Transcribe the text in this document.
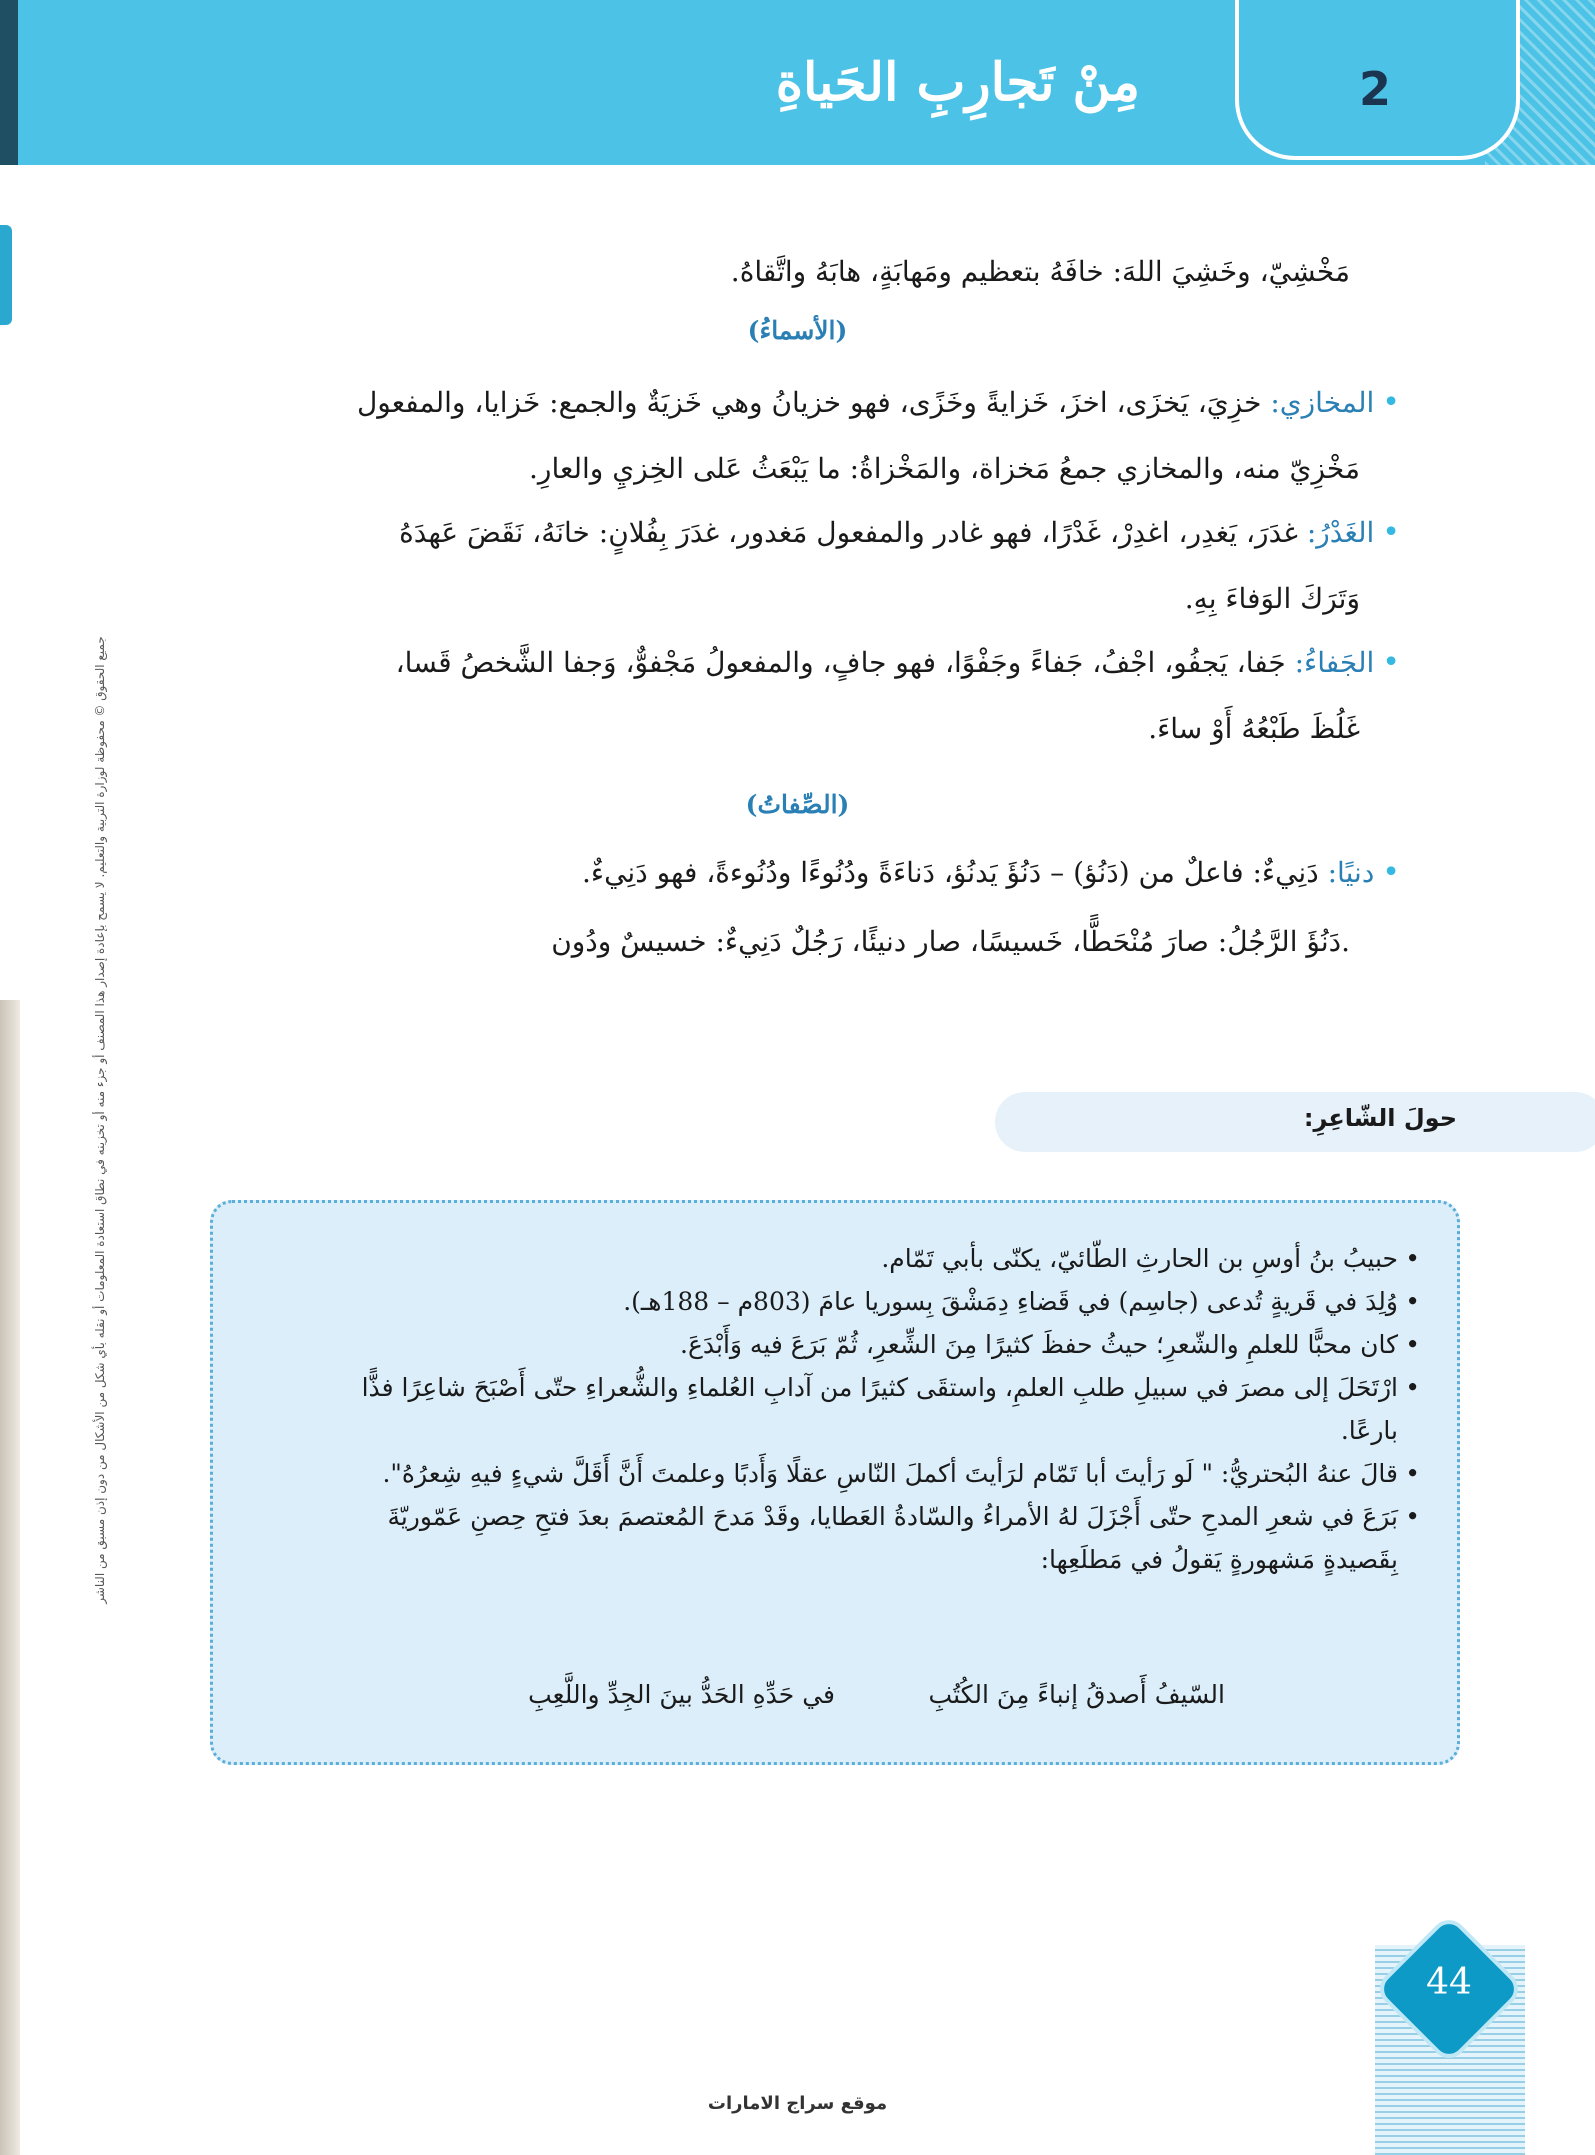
2
مِنْ تَجارِبِ الحَياةِ
جميع الحقوق © محفوظة لوزارة التربية والتعليم. لا يسمح بإعادة إصدار هذا المصنف أو جزء منه أو تخزينه في نطاق استعادة المعلومات أو نقله بأي شكل من الأشكال من دون إذن مسبق من الناشر
مَخْشِيّ، وخَشِيَ اللهَ: خافَهُ بتعظيم ومَهابَةٍ، هابَهُ واتَّقاهُ.
(الأسماءُ)
•المخازي: خزِيَ، يَخزَى، اخزَ، خَزايةً وخَزًى، فهو خزيانُ وهي خَزيَةٌ والجمع: خَزايا، والمفعول
مَخْزِيّ منه، والمخازي جمعُ مَخزاة، والمَخْزاةُ: ما يَبْعَثُ عَلى الخِزيِ والعارِ.
•الغَدْرُ: غدَرَ، يَغدِر، اغدِرْ، غَدْرًا، فهو غادر والمفعول مَغدور، غدَرَ بِفُلانٍ: خانَهُ، نَقَضَ عَهدَهُ
وَتَرَكَ الوَفاءَ بِهِ.
•الجَفاءُ: جَفا، يَجفُو، اجْفُ، جَفاءً وجَفْوًا، فهو جافٍ، والمفعولُ مَجْفوٌّ، وَجفا الشَّخصُ قَسا،
غَلُظَ طَبْعُهُ أَوْ ساءَ.
(الصِّفاتُ)
•دنيًا: دَنِيءٌ: فاعلٌ من (دَنُؤ) – دَنُؤَ يَدنُؤ، دَناءَةً ودُنُوءًا ودُنُوءةً، فهو دَنِيءٌ.
.دَنُؤَ الرَّجُلُ: صارَ مُنْحَطًّا، خَسيسًا، صار دنيئًا، رَجُلٌ دَنِيءٌ: خسيسٌ ودُون
حولَ الشّاعِرِ:
• حبيبُ بنُ أوسِ بن الحارثِ الطّائيّ، يكنّى بأبي تَمّام.
• وُلِدَ في قَريةٍ تُدعى (جاسِم) في قَضاءِ دِمَشْقَ بِسوريا عامَ (803م – 188هـ).
• كان محبًّا للعلمِ والشّعرِ؛ حيثُ حفظَ كثيرًا مِنَ الشِّعرِ، ثُمّ بَرَعَ فيه وَأَبْدَعَ.
• ارْتَحَلَ إلى مصرَ في سبيلِ طلبِ العلمِ، واستقَى كثيرًا من آدابِ العُلماءِ والشُّعراءِ حتّى أَصْبَحَ شاعِرًا فذًّا بارعًا.
• قالَ عنهُ البُحتريُّ: " لَو رَأيتَ أبا تَمّام لرَأيتَ أكملَ النّاسِ عقلًا وَأَدبًا وعلمتَ أَنَّ أَقَلَّ شيءٍ فيهِ شِعرُهُ".
• بَرَعَ في شعرِ المدحِ حتّى أَجْزَلَ لهُ الأمراءُ والسّادةُ العَطايا، وقَدْ مَدحَ المُعتصمَ بعدَ فتحِ حِصنِ عَمّوريّةَ بِقَصيدةٍ مَشهورةٍ يَقولُ في مَطلَعِها:
السّيفُ أَصدقُ إنباءً مِنَ الكُتُبِ
في حَدِّهِ الحَدُّ بينَ الجِدِّ واللَّعِبِ
44
موقع سراج الامارات
